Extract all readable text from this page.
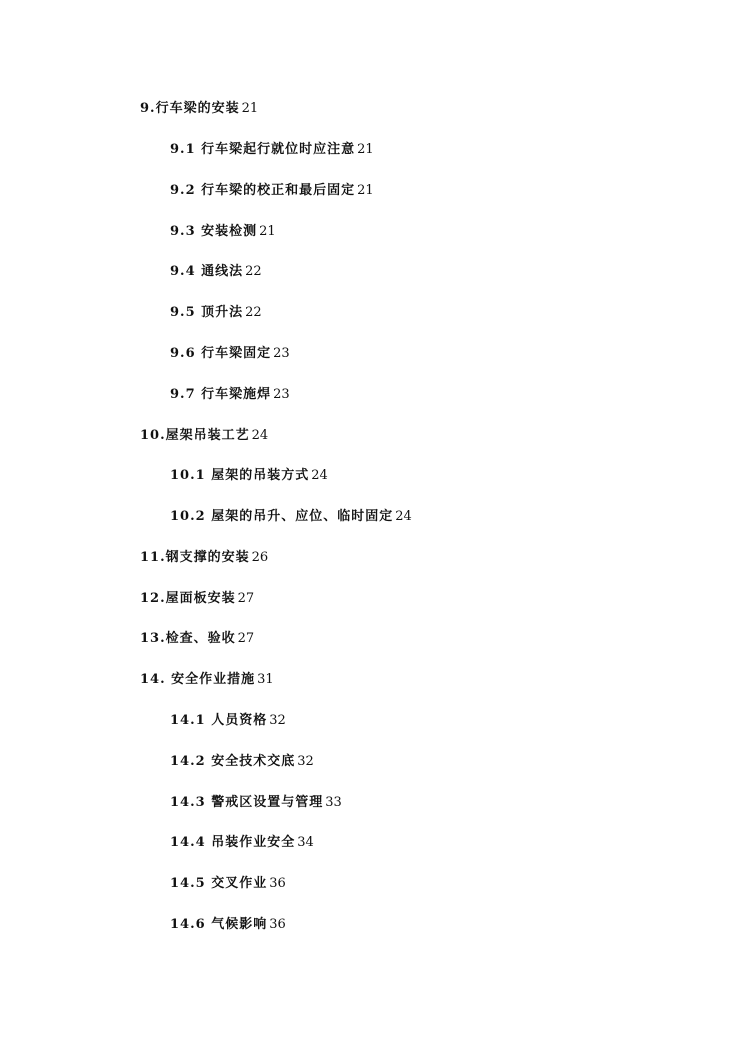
9.行车梁的安装 21
9.1 行车梁起行就位时应注意 21
9.2 行车梁的校正和最后固定 21
9.3 安装检测 21
9.4 通线法 22
9.5 顶升法 22
9.6 行车梁固定 23
9.7 行车梁施焊 23
10.屋架吊装工艺 24
10.1 屋架的吊装方式 24
10.2 屋架的吊升、应位、临时固定 24
11.钢支撑的安装 26
12.屋面板安装 27
13.检查、验收 27
14. 安全作业措施 31
14.1 人员资格 32
14.2 安全技术交底 32
14.3 警戒区设置与管理 33
14.4 吊装作业安全 34
14.5 交叉作业 36
14.6 气候影响 36
